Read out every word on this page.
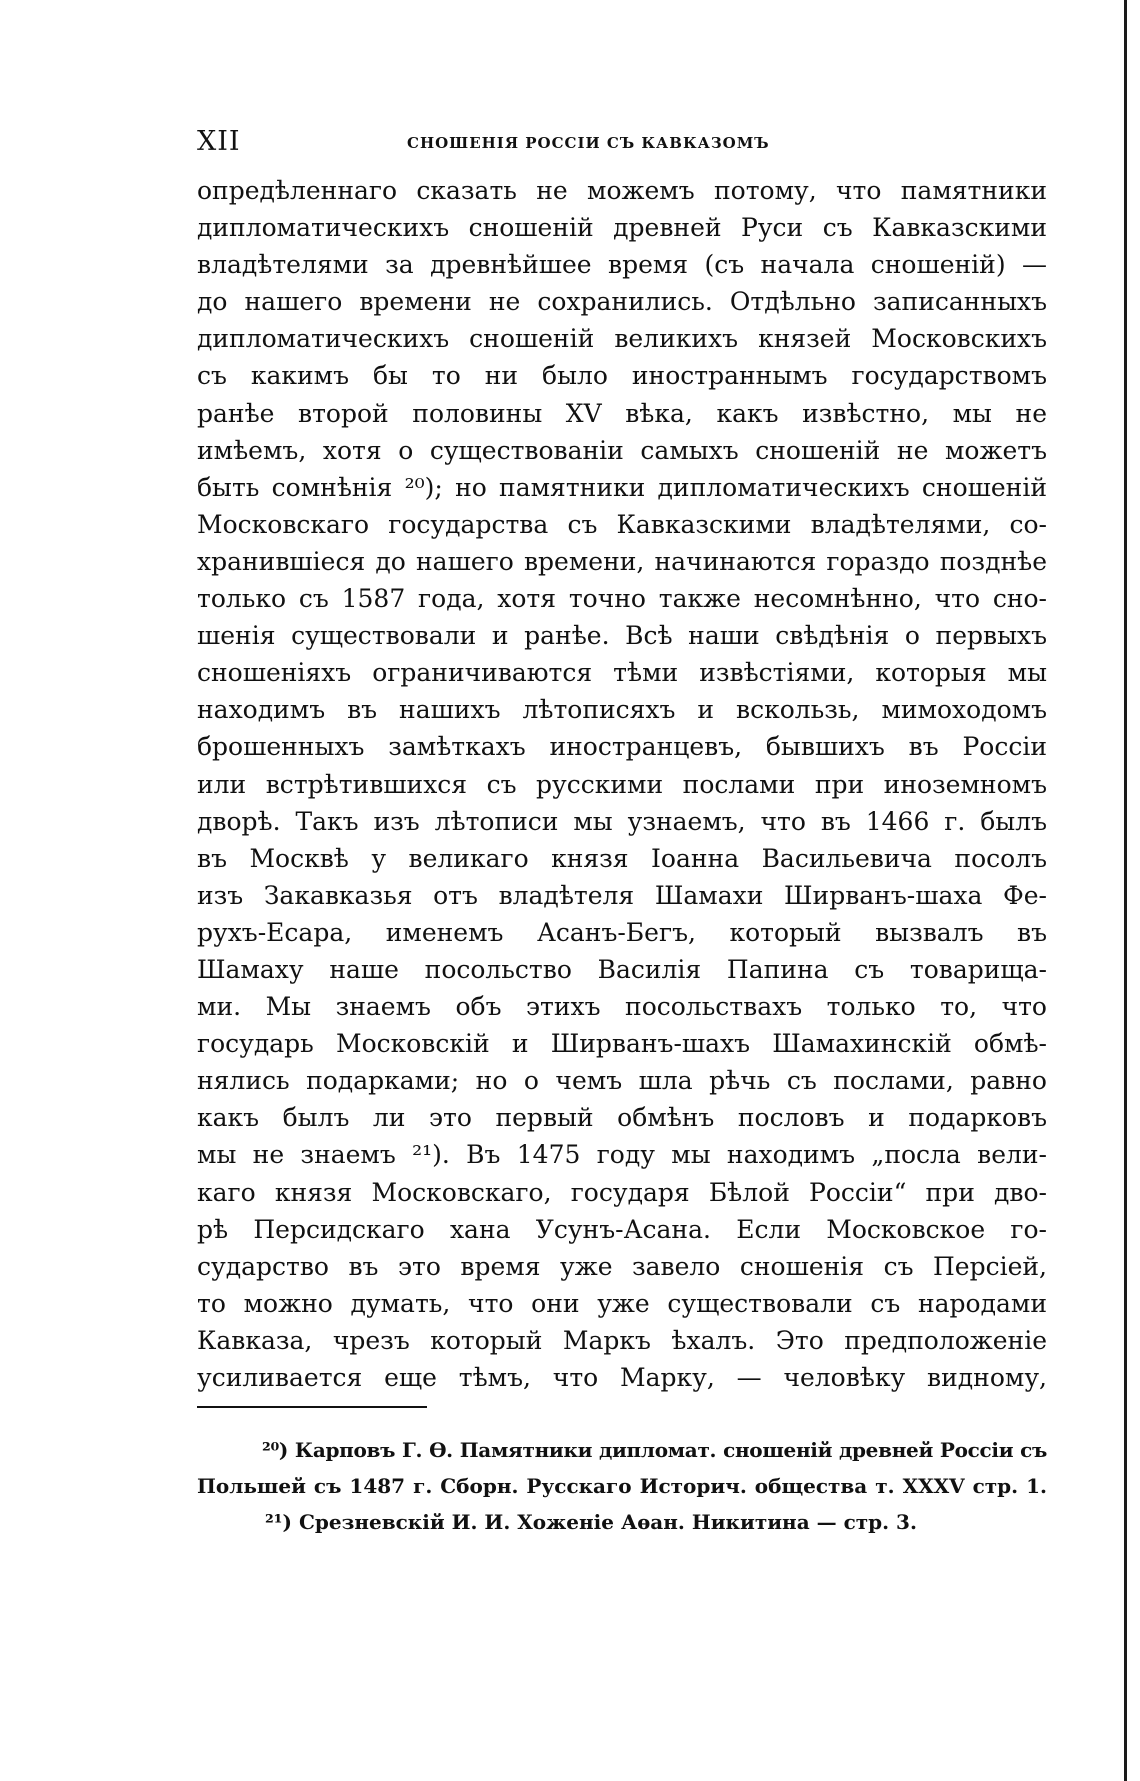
XII	СНОШЕНІЯ РОССІИ СЪ КАВКАЗОМЪ
опредѣленнаго сказать не можемъ потому, что памятники
дипломатическихъ сношеній древней Руси съ Кавказскими
владѣтелями за древнѣйшее время (съ начала сношеній) —
до нашего времени не сохранились. Отдѣльно записанныхъ
дипломатическихъ сношеній великихъ князей Московскихъ
съ какимъ бы то ни было иностраннымъ государствомъ
ранѣе второй половины XV вѣка, какъ извѣстно, мы не
имѣемъ, хотя о существованіи самыхъ сношеній не можетъ
быть сомнѣнія ²⁰); но памятники дипломатическихъ сношеній
Московскаго государства съ Кавказскими владѣтелями, со-
хранившіеся до нашего времени, начинаются гораздо позднѣе
только съ 1587 года, хотя точно также несомнѣнно, что сно-
шенія существовали и ранѣе. Всѣ наши свѣдѣнія о первыхъ
сношеніяхъ ограничиваются тѣми извѣстіями, которыя мы
находимъ въ нашихъ лѣтописяхъ и вскользь, мимоходомъ
брошенныхъ замѣткахъ иностранцевъ, бывшихъ въ Россіи
или встрѣтившихся съ русскими послами при иноземномъ
дворѣ. Такъ изъ лѣтописи мы узнаемъ, что въ 1466 г. былъ
въ Москвѣ у великаго князя Іоанна Васильевича посолъ
изъ Закавказья отъ владѣтеля Шамахи Ширванъ-шаха Фе-
рухъ-Есара, именемъ Асанъ-Бегъ, который вызвалъ въ
Шамаху наше посольство Василія Папина съ товарища-
ми. Мы знаемъ объ этихъ посольствахъ только то, что
государь Московскій и Ширванъ-шахъ Шамахинскій обмѣ-
нялись подарками; но о чемъ шла рѣчь съ послами, равно
какъ былъ ли это первый обмѣнъ пословъ и подарковъ
мы не знаемъ ²¹). Въ 1475 году мы находимъ „посла вели-
каго князя Московскаго, государя Бѣлой Россіи“ при дво-
рѣ Персидскаго хана Усунъ-Асана. Если Московское го-
сударство въ это время уже завело сношенія съ Персіей,
то можно думать, что они уже существовали съ народами
Кавказа, чрезъ который Маркъ ѣхалъ. Это предположеніе
усиливается еще тѣмъ, что Марку, — человѣку видному,
²⁰) Карповъ Г. Ѳ. Памятники дипломат. сношеній древней Россіи съ
Польшей съ 1487 г. Сборн. Русскаго Историч. общества т. XXXV стр. 1.
²¹) Срезневскій И. И. Хоженіе Аѳан. Никитина — стр. 3.
